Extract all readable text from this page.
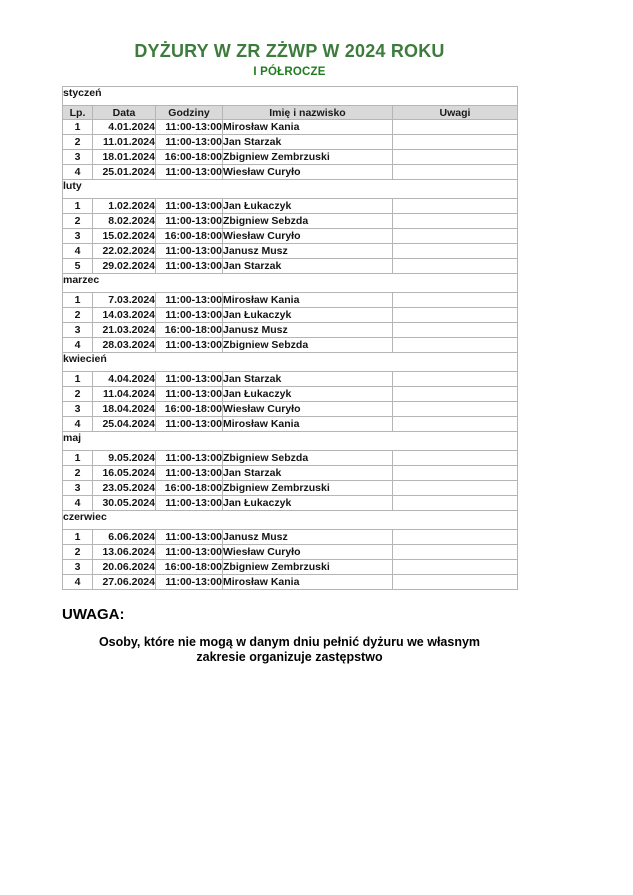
DYŻURY W ZR ZŻWP W 2024 ROKU
I PÓŁROCZE
styczeń				
Lp.	Data	Godziny	Imię i nazwisko	Uwagi
1	4.01.2024	11:00-13:00	Mirosław Kania	
2	11.01.2024	11:00-13:00	Jan Starzak	
3	18.01.2024	16:00-18:00	Zbigniew Zembrzuski	
4	25.01.2024	11:00-13:00	Wiesław Curyło	
luty				
1	1.02.2024	11:00-13:00	Jan Łukaczyk	
2	8.02.2024	11:00-13:00	Zbigniew Sebzda	
3	15.02.2024	16:00-18:00	Wiesław Curyło	
4	22.02.2024	11:00-13:00	Janusz Musz	
5	29.02.2024	11:00-13:00	Jan Starzak	
marzec				
1	7.03.2024	11:00-13:00	Mirosław Kania	
2	14.03.2024	11:00-13:00	Jan Łukaczyk	
3	21.03.2024	16:00-18:00	Janusz Musz	
4	28.03.2024	11:00-13:00	Zbigniew Sebzda	
kwiecień				
1	4.04.2024	11:00-13:00	Jan Starzak	
2	11.04.2024	11:00-13:00	Jan Łukaczyk	
3	18.04.2024	16:00-18:00	Wiesław Curyło	
4	25.04.2024	11:00-13:00	Mirosław Kania	
maj				
1	9.05.2024	11:00-13:00	Zbigniew Sebzda	
2	16.05.2024	11:00-13:00	Jan Starzak	
3	23.05.2024	16:00-18:00	Zbigniew Zembrzuski	
4	30.05.2024	11:00-13:00	Jan Łukaczyk	
czerwiec				
1	6.06.2024	11:00-13:00	Janusz Musz	
2	13.06.2024	11:00-13:00	Wiesław Curyło	
3	20.06.2024	16:00-18:00	Zbigniew Zembrzuski	
4	27.06.2024	11:00-13:00	Mirosław Kania	
UWAGA:
Osoby, które nie mogą w danym dniu pełnić dyżuru we własnym
zakresie organizuje zastępstwo
